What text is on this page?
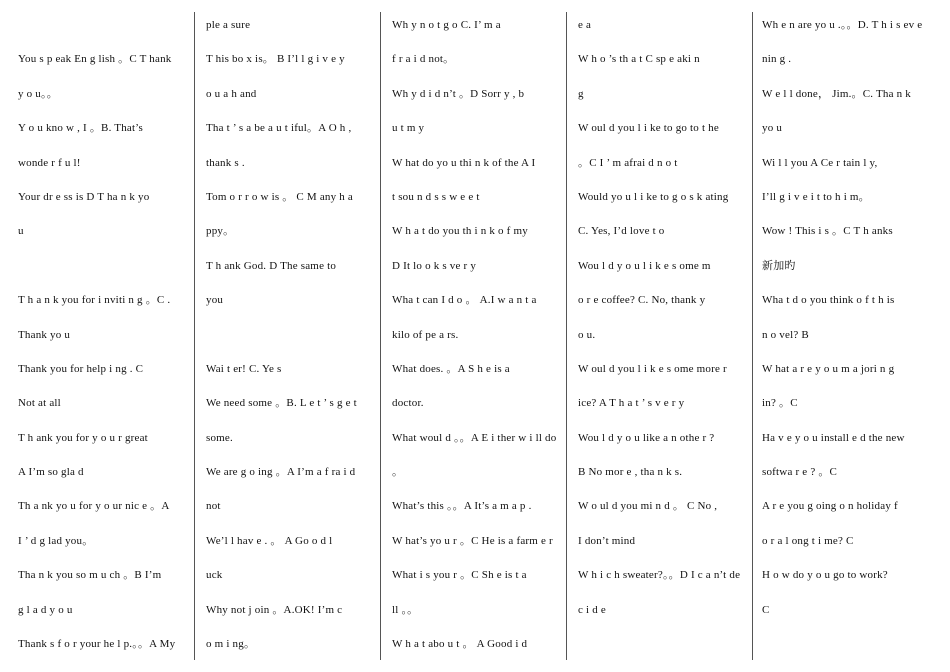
You s p eak En g lish 。C T hank
y o u。。
Y o u kno w , I 。B. That’s
wonde r f u l!
Your dr e ss is D T ha n k yo
u
T h a n k you for i nviti n g 。C .
Thank yo u
Thank you for help i ng . C
Not at all
T h ank you for y o u r great
A I’m so gla d
Th a nk yo u for y o ur nic e 。A
I ’ d g lad you。
Tha n k you so m u ch 。B I’m
g l a d y o u
Thank s f o r your he l p.。。A My
ple a sure
T his bo x is。 B I’l l g i v e y
o u a h and
Tha t ’ s a be a u t iful。A O h ,
thank s .
Tom o r r o w is 。 C M any h a
ppy。
T h ank God. D The same to
you
Wai t er! C. Ye s
We need some 。B. L e t ’ s g e t
some.
We are g o ing 。A I’m a f ra i d
not
We’l l hav e . 。 A Go o d l
uck
Why not j oin 。A.OK! I’m c
o m i ng。
Wh y n o t g o C. I’ m a
f r a i d not。
Wh y d i d n’t 。D Sorr y , b
u t m y
W hat do yo u thi n k of the A I
t sou n d s s w e e t
W h a t do you th i n k o f my
D It lo o k s ve r y
Wha t can I d o 。 A.I w a n t a
kilo of pe a rs.
What does. 。A S h e is a
doctor.
What woul d 。。A E i ther w i ll do
。
What’s this 。。A It’s a m a p .
W hat’s yo u r 。C He is a farm e r
What i s you r 。C Sh e is t a
ll 。。
W h a t abo u t 。 A Good i d
e a
W h o ’s th a t C sp e aki n
g
W oul d you l i ke to go to t he
。C I ’ m afrai d n o t
Would yo u l i ke to g o s k ating
C. Yes, I’d love t o
Wou l d y o u l i k e s ome m
o r e coffee? C. No, thank y
o u.
W oul d you l i k e s ome more r
ice? A T h a t ’ s v e r y
Wou l d y o u like a n othe r ?
B No mor e , tha n k s.
W o ul d you mi n d 。 C No ,
I don’t mind
W h i c h sweater?。。D I c a n’t de
c i d e
Wh e n are yo u .。。D. T h i s ev e
nin g .
W e l l done， Jim.。C. Tha n k
yo u
Wi l l you A Ce r tain l y,
I’ll g i v e i t to h i m。
Wow ! This i s 。C T h anks
新加旳
Wha t d o you think o f t h is
n o vel? B
W hat a r e y o u m a jori n g
in? 。C
Ha v e y o u install e d the new
softwa r e ? 。C
A r e you g oing o n holiday f
o r a l ong t i me? C
H o w do y o u go to work?
C
